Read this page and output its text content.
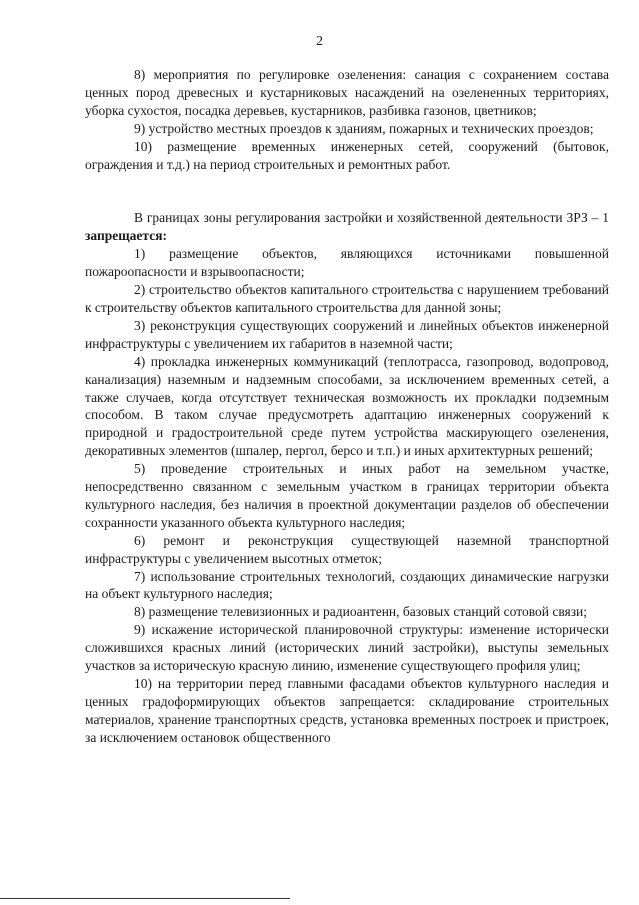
2

8) мероприятия по регулировке озеленения: санация с сохранением состава ценных пород древесных и кустарниковых насаждений на озелененных территориях, уборка сухостоя, посадка деревьев, кустарников, разбивка газонов, цветников;

9) устройство местных проездов к зданиям, пожарных и технических проездов;

10) размещение временных инженерных сетей, сооружений (бытовок, ограждения и т.д.) на период строительных и ремонтных работ.

В границах зоны регулирования застройки и хозяйственной деятельности ЗРЗ – 1 запрещается:

1) размещение объектов, являющихся источниками повышенной пожароопасности и взрывоопасности;

2) строительство объектов капитального строительства с нарушением требований к строительству объектов капитального строительства для данной зоны;

3) реконструкция существующих сооружений и линейных объектов инженерной инфраструктуры с увеличением их габаритов в наземной части;

4) прокладка инженерных коммуникаций (теплотрасса, газопровод, водопровод, канализация) наземным и надземным способами, за исключением временных сетей, а также случаев, когда отсутствует техническая возможность их прокладки подземным способом. В таком случае предусмотреть адаптацию инженерных сооружений к природной и градостроительной среде путем устройства маскирующего озеленения, декоративных элементов (шпалер, пергол, берсо и т.п.) и иных архитектурных решений;

5) проведение строительных и иных работ на земельном участке, непосредственно связанном с земельным участком в границах территории объекта культурного наследия, без наличия в проектной документации разделов об обеспечении сохранности указанного объекта культурного наследия;

6) ремонт и реконструкция существующей наземной транспортной инфраструктуры с увеличением высотных отметок;

7) использование строительных технологий, создающих динамические нагрузки на объект культурного наследия;

8) размещение телевизионных и радиоантенн, базовых станций сотовой связи;

9) искажение исторической планировочной структуры: изменение исторически сложившихся красных линий (исторических линий застройки), выступы земельных участков за историческую красную линию, изменение существующего профиля улиц;

10) на территории перед главными фасадами объектов культурного наследия и ценных градоформирующих объектов запрещается: складирование строительных материалов, хранение транспортных средств, установка временных построек и пристроек, за исключением остановок общественного
